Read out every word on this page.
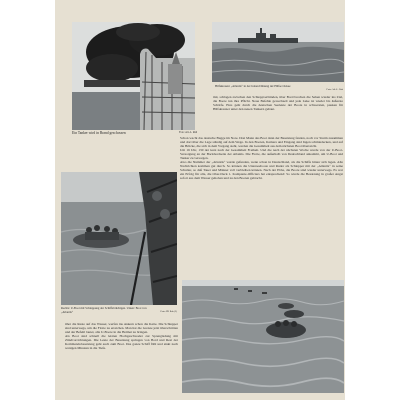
Ein Tanker wird in Brand geschossen	Foto: Atl.-L. Rah
Hilfskreuzer „Atlantis“ in der hohen Dünung der Hilfse Ostsee
Foto: Atl.-L. Rah

mit, schlagen zwischen den Schleppverbänden, über Bord brechen die Sehen wieder ins Ziel, die Boote tun ihre Pflicht. Neue Befehle gewechselt und jede Luke ist wieder bis äußerste Schärfe. Eins geht durch die deutschen Seeleute der Boote in schwersten, pauken für Hilfskreuzer unter den neuen Tankern gebaut.

Schon wacht das deutsche Bugge im Nore. Drei Mann des Boot dann der Besatzung fanden, noch vor Sturm zusammen und dort über die Lage ständig auf dem Wege. In den Booten, Kamera und Eingang sind Ingen schmiedecken, und auf die Brücke, die sich in dem Vorgang steht, werden die Gesamtheit aus dem nächsten Boot überreicht.

Um 16 Uhr, 130 der kurz nach der Gesamtheit Freiheit. Und die nach der nächsten Woche wurde von der U-Boot-Versorgung an der Backbordseite der Atlantis. Die Flotte, die außerhalb von Deutschland ankommt, um U-Boot und Tanker zu versorgen.

Also die Nummer der „Atlantis“ wurde gefunden, wenn schon in Deutschland, als die Schiffe hinter sich lagen. Alle Nachrichten kommen gut durch. So können die Unterseeboote und Ruder als Schlepper mit der „Atlantis“ in seine Schulter, so daß Tauer und Männer voll verbleiben können. Nach der Ebbe, die Boote sind wieder unterwegs. Es war ein Erfolg für alle, die Ober-Deck 1. Kompanie-Officiers hat entsprechend: So wurde die Besatzung in großer Angst sofort aus dem Wasser gehoben und zu den Booten gebracht.

Rechts: U-Boot mit Schleppung der Schiffsbrüchigen. Unten: Boot von „Atlantis“	Foto: PK Rah (2)

über die Reste auf das Wasser, werfen ins Ankern schon die Kette. Die Schlepper sind unterwegs, um die Flotte zu erreichen. Man hat die Grenze jetzt überschritten und der Befehl lautet, alle U-Boote in die Heimat zu bringen.

Als Boot sind schnell die letzten Hochgeschwader zur Sprengladung mit Zündvorrichtungen. Die Leute der Besatzung springen von Bord und Rest der Kommandobesatzung geht auch zum Boot. Das ganze Schiff fällt und sinkt nach wenigen Minuten in die Tiefe.
